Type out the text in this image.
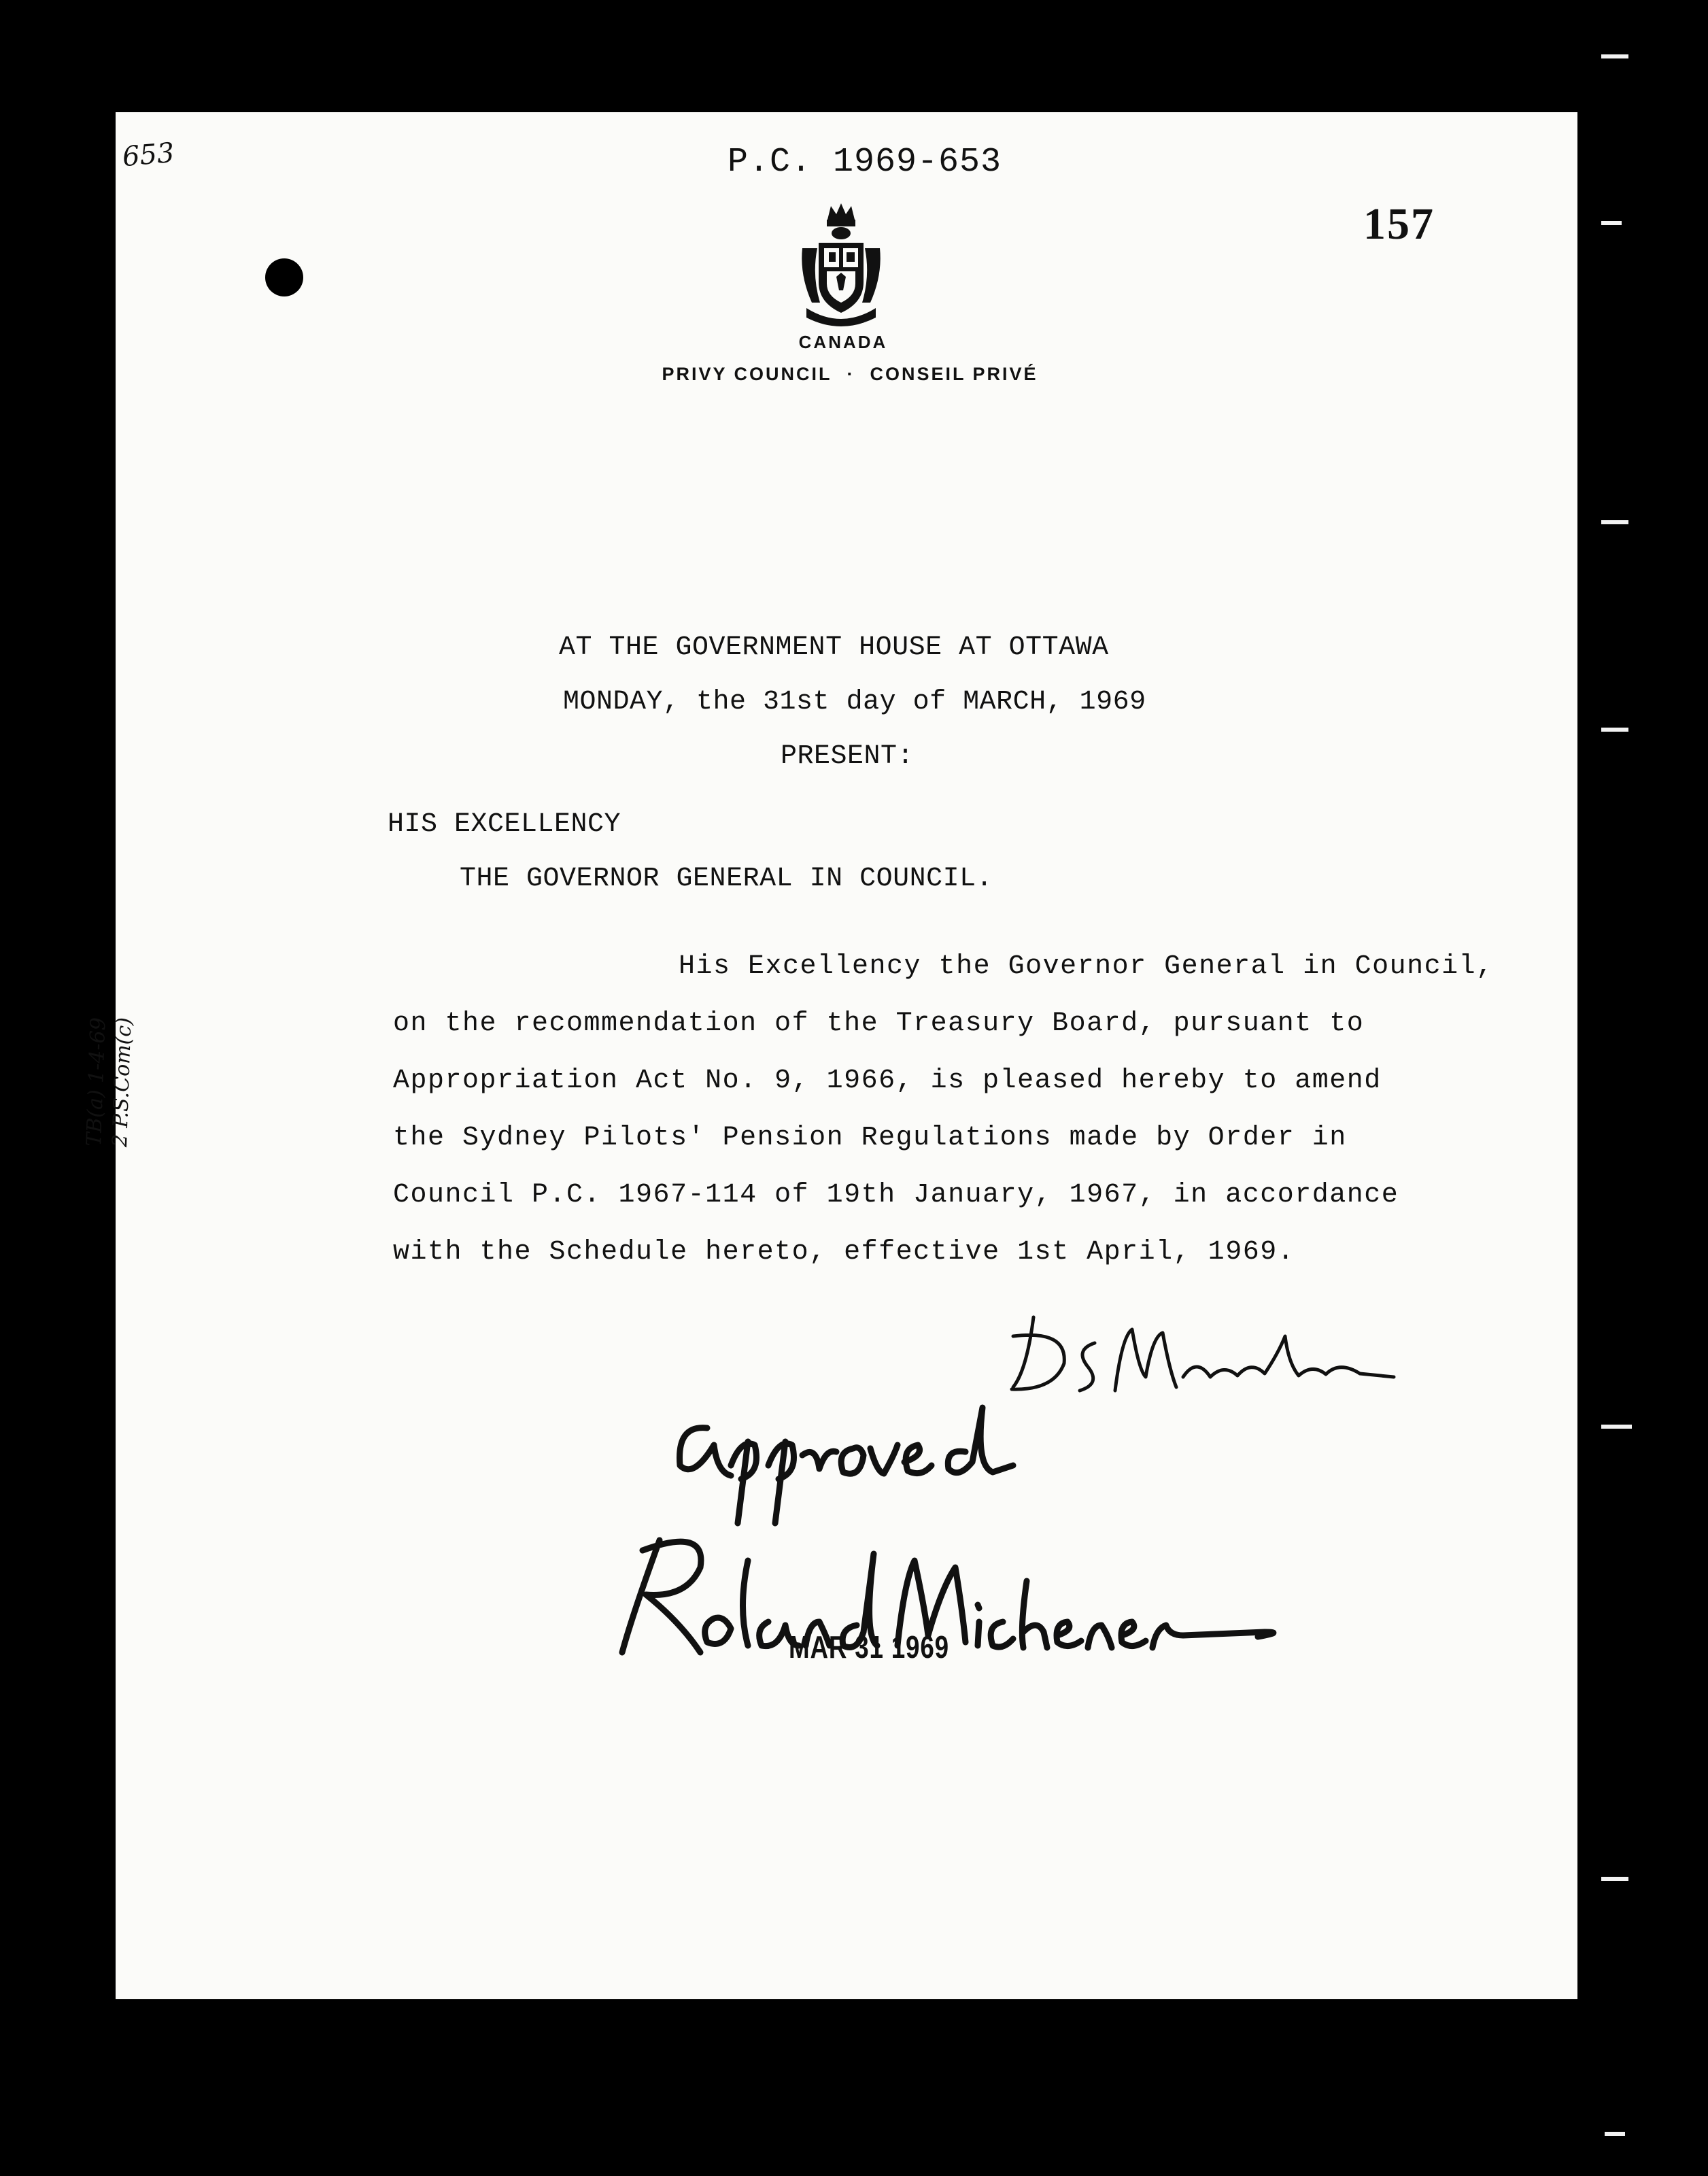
653	P.C. 1969-653
157
CANADA
PRIVY COUNCIL · CONSEIL PRIVÉ
AT THE GOVERNMENT HOUSE AT OTTAWA
MONDAY, the 31st day of MARCH, 1969
PRESENT:
HIS EXCELLENCY
THE GOVERNOR GENERAL IN COUNCIL.
His Excellency the Governor General in Council,
on the recommendation of the Treasury Board, pursuant to
Appropriation Act No. 9, 1966, is pleased hereby to amend
the Sydney Pilots' Pension Regulations made by Order in
Council P.C. 1967-114 of 19th January, 1967, in accordance
with the Schedule hereto, effective 1st April, 1969.
MAR 31 1969
TB(a) 1-4-69
2 P.S.Com(c)
